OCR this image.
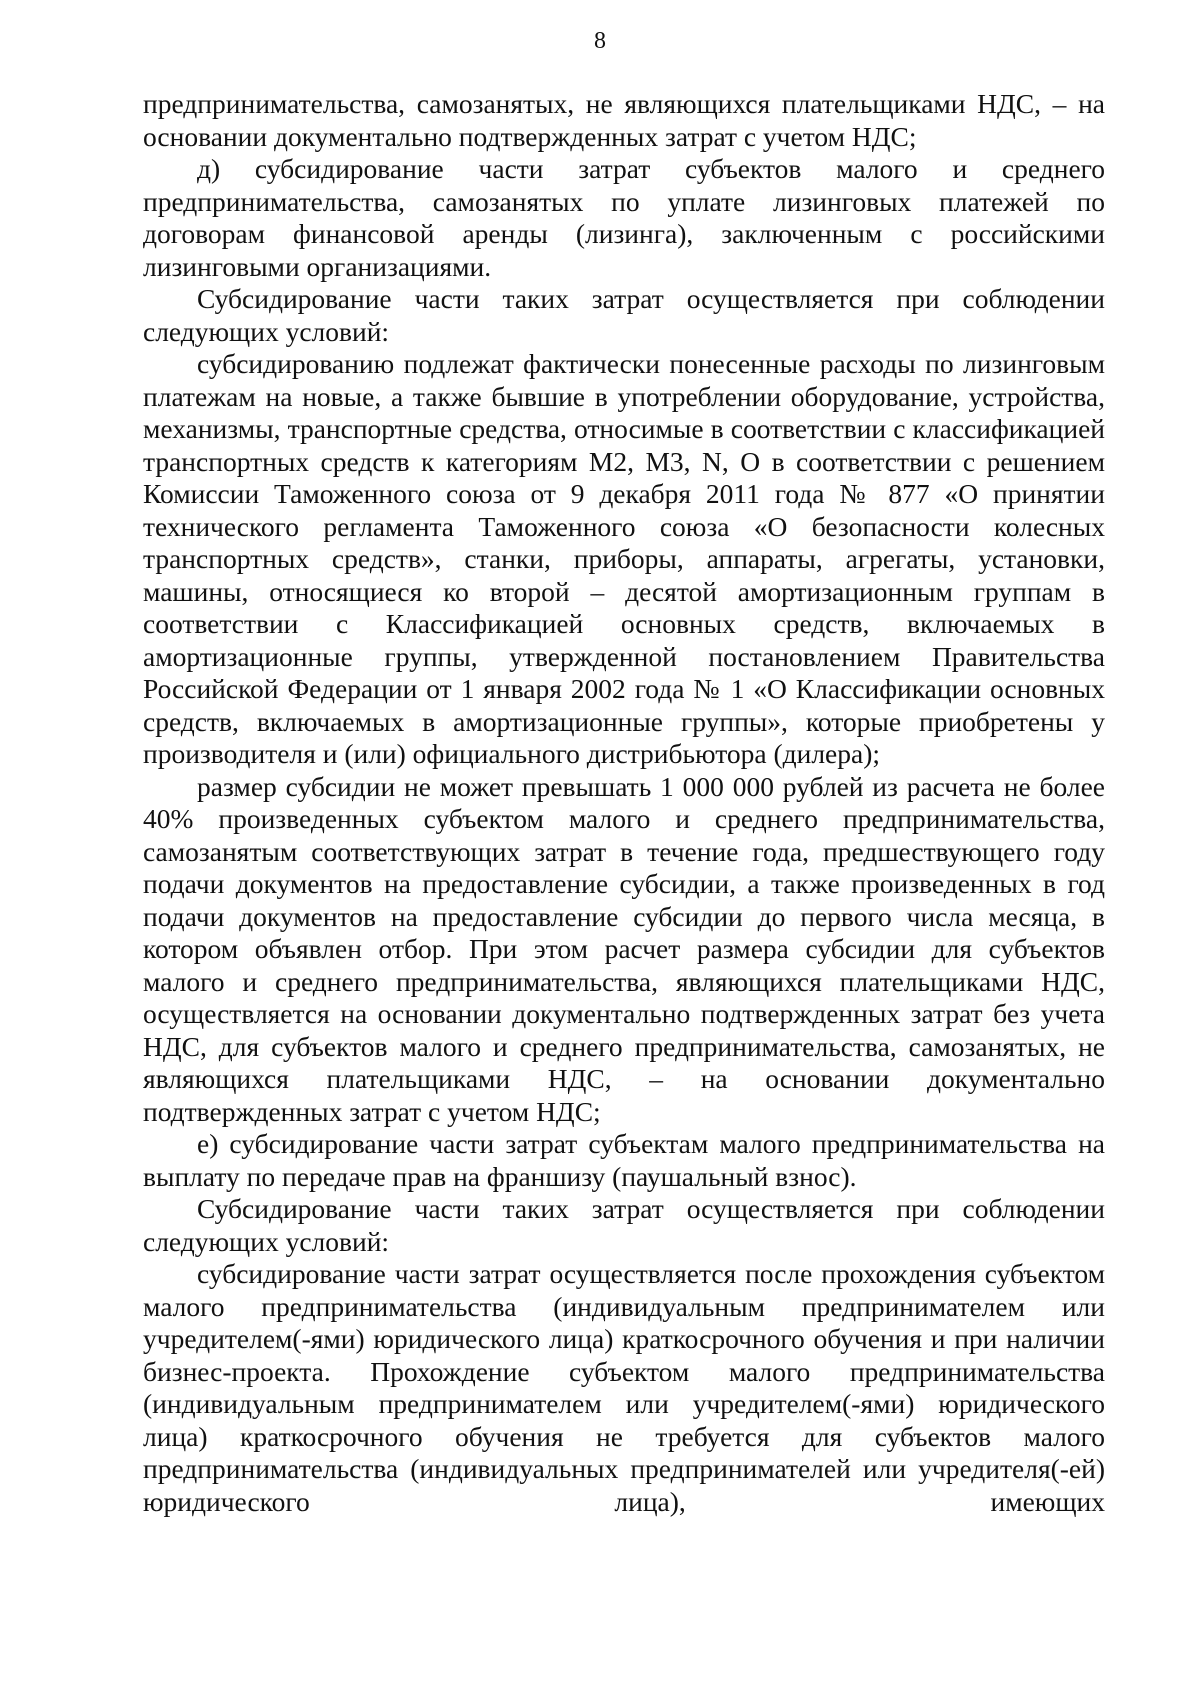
8

предпринимательства, самозанятых, не являющихся плательщиками НДС, – на основании документально подтвержденных затрат с учетом НДС;

д) субсидирование части затрат субъектов малого и среднего предпринимательства, самозанятых по уплате лизинговых платежей по договорам финансовой аренды (лизинга), заключенным с российскими лизинговыми организациями.

Субсидирование части таких затрат осуществляется при соблюдении следующих условий:

субсидированию подлежат фактически понесенные расходы по лизинговым платежам на новые, а также бывшие в употреблении оборудование, устройства, механизмы, транспортные средства, относимые в соответствии с классификацией транспортных средств к категориям М2, М3, N, O в соответствии с решением Комиссии Таможенного союза от 9 декабря 2011 года № 877 «О принятии технического регламента Таможенного союза «О безопасности колесных транспортных средств», станки, приборы, аппараты, агрегаты, установки, машины, относящиеся ко второй – десятой амортизационным группам в соответствии с Классификацией основных средств, включаемых в амортизационные группы, утвержденной постановлением Правительства Российской Федерации от 1 января 2002 года № 1 «О Классификации основных средств, включаемых в амортизационные группы», которые приобретены у производителя и (или) официального дистрибьютора (дилера);

размер субсидии не может превышать 1 000 000 рублей из расчета не более 40% произведенных субъектом малого и среднего предпринимательства, самозанятым соответствующих затрат в течение года, предшествующего году подачи документов на предоставление субсидии, а также произведенных в год подачи документов на предоставление субсидии до первого числа месяца, в котором объявлен отбор. При этом расчет размера субсидии для субъектов малого и среднего предпринимательства, являющихся плательщиками НДС, осуществляется на основании документально подтвержденных затрат без учета НДС, для субъектов малого и среднего предпринимательства, самозанятых, не являющихся плательщиками НДС, – на основании документально подтвержденных затрат с учетом НДС;

е) субсидирование части затрат субъектам малого предпринимательства на выплату по передаче прав на франшизу (паушальный взнос).

Субсидирование части таких затрат осуществляется при соблюдении следующих условий:

субсидирование части затрат осуществляется после прохождения субъектом малого предпринимательства (индивидуальным предпринимателем или учредителем(-ями) юридического лица) краткосрочного обучения и при наличии бизнес-проекта. Прохождение субъектом малого предпринимательства (индивидуальным предпринимателем или учредителем(-ями) юридического лица) краткосрочного обучения не требуется для субъектов малого предпринимательства (индивидуальных предпринимателей или учредителя(-ей) юридического лица), имеющих
